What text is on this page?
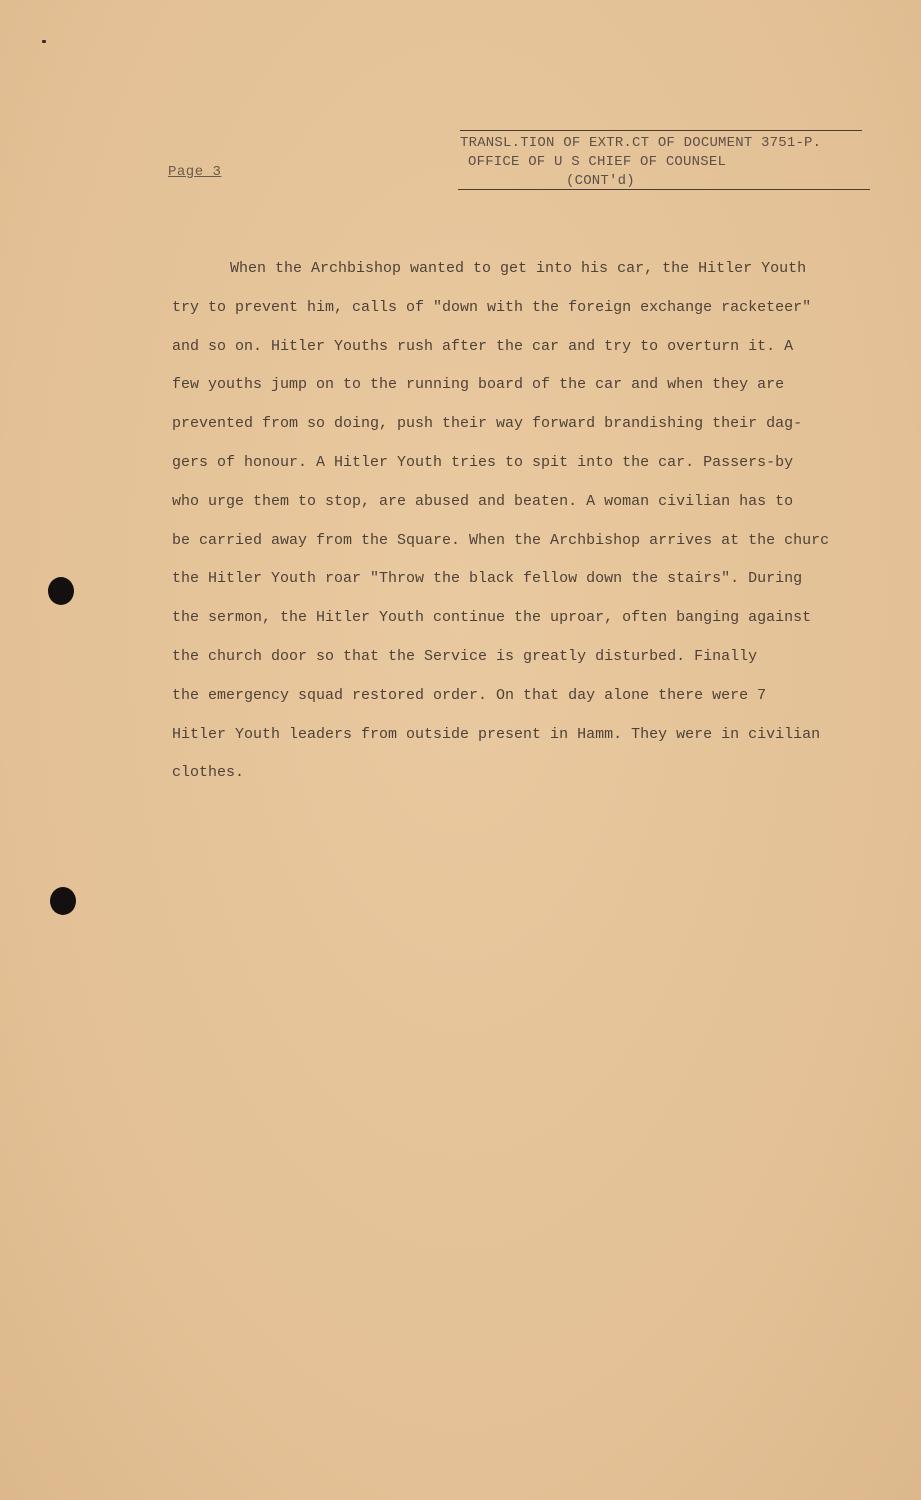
Page 3
TRANSL.TION OF EXTR.CT OF DOCUMENT 3751-P.
OFFICE OF U S CHIEF OF COUNSEL
(CONT'd)
When the Archbishop wanted to get into his car, the Hitler Youth
try to prevent him, calls of "down with the foreign exchange racketeer"
and so on. Hitler Youths rush after the car and try to overturn it. A
few youths jump on to the running board of the car and when they are
prevented from so doing, push their way forward brandishing their dag-
gers of honour. A Hitler Youth tries to spit into the car. Passers-by
who urge them to stop, are abused and beaten. A woman civilian has to
be carried away from the Square. When the Archbishop arrives at the churc
the Hitler Youth roar "Throw the black fellow down the stairs". During
the sermon, the Hitler Youth continue the uproar, often banging against
the church door so that the Service is greatly disturbed. Finally
the emergency squad restored order. On that day alone there were 7
Hitler Youth leaders from outside present in Hamm. They were in civilian
clothes.
